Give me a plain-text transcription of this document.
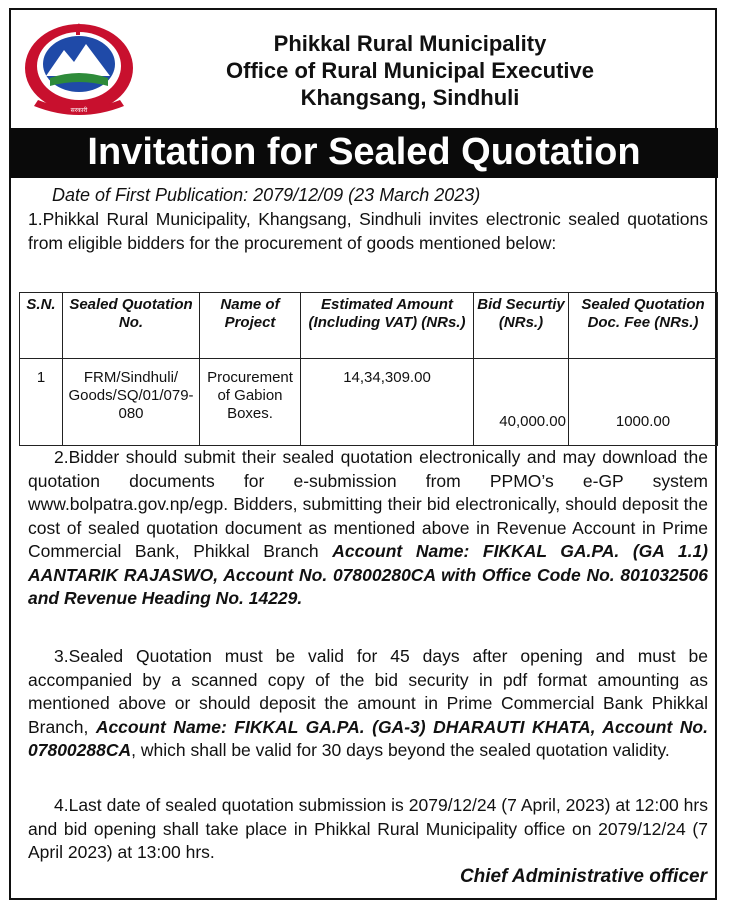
सरकारी
Phikkal Rural Municipality
Office of Rural Municipal Executive
Khangsang, Sindhuli
Invitation for Sealed Quotation
Date of First Publication: 2079/12/09 (23 March 2023)
1.Phikkal Rural Municipality, Khangsang, Sindhuli invites electronic sealed quotations from eligible bidders for the procurement of goods mentioned below:
S.N.	Sealed Quotation No.	Name of Project	Estimated Amount (Including VAT) (NRs.)	Bid Securtiy (NRs.)	Sealed Quotation Doc. Fee (NRs.)
1	FRM/Sindhuli/ Goods/SQ/01/079-080	Procurement of Gabion Boxes.	14,34,309.00	40,000.00	1000.00
2.Bidder should submit their sealed quotation electronically and may download the quotation documents for e-submission from PPMO’s e-GP system www.bolpatra.gov.np/egp. Bidders, submitting their bid electronically, should deposit the cost of sealed quotation document as mentioned above in Revenue Account in Prime Commercial Bank, Phikkal Branch Account Name: FIKKAL GA.PA. (GA 1.1) AANTARIK RAJASWO, Account No. 07800280CA with Office Code No. 801032506 and Revenue Heading No. 14229.
3.Sealed Quotation must be valid for 45 days after opening and must be accompanied by a scanned copy of the bid security in pdf format amounting as mentioned above or should deposit the amount in Prime Commercial Bank Phikkal Branch, Account Name: FIKKAL GA.PA. (GA-3) DHARAUTI KHATA, Account No. 07800288CA, which shall be valid for 30 days beyond the sealed quotation validity.
4.Last date of sealed quotation submission is 2079/12/24 (7 April, 2023) at 12:00 hrs and bid opening shall take place in Phikkal Rural Municipality office on 2079/12/24 (7 April 2023) at 13:00 hrs.
Chief Administrative officer
